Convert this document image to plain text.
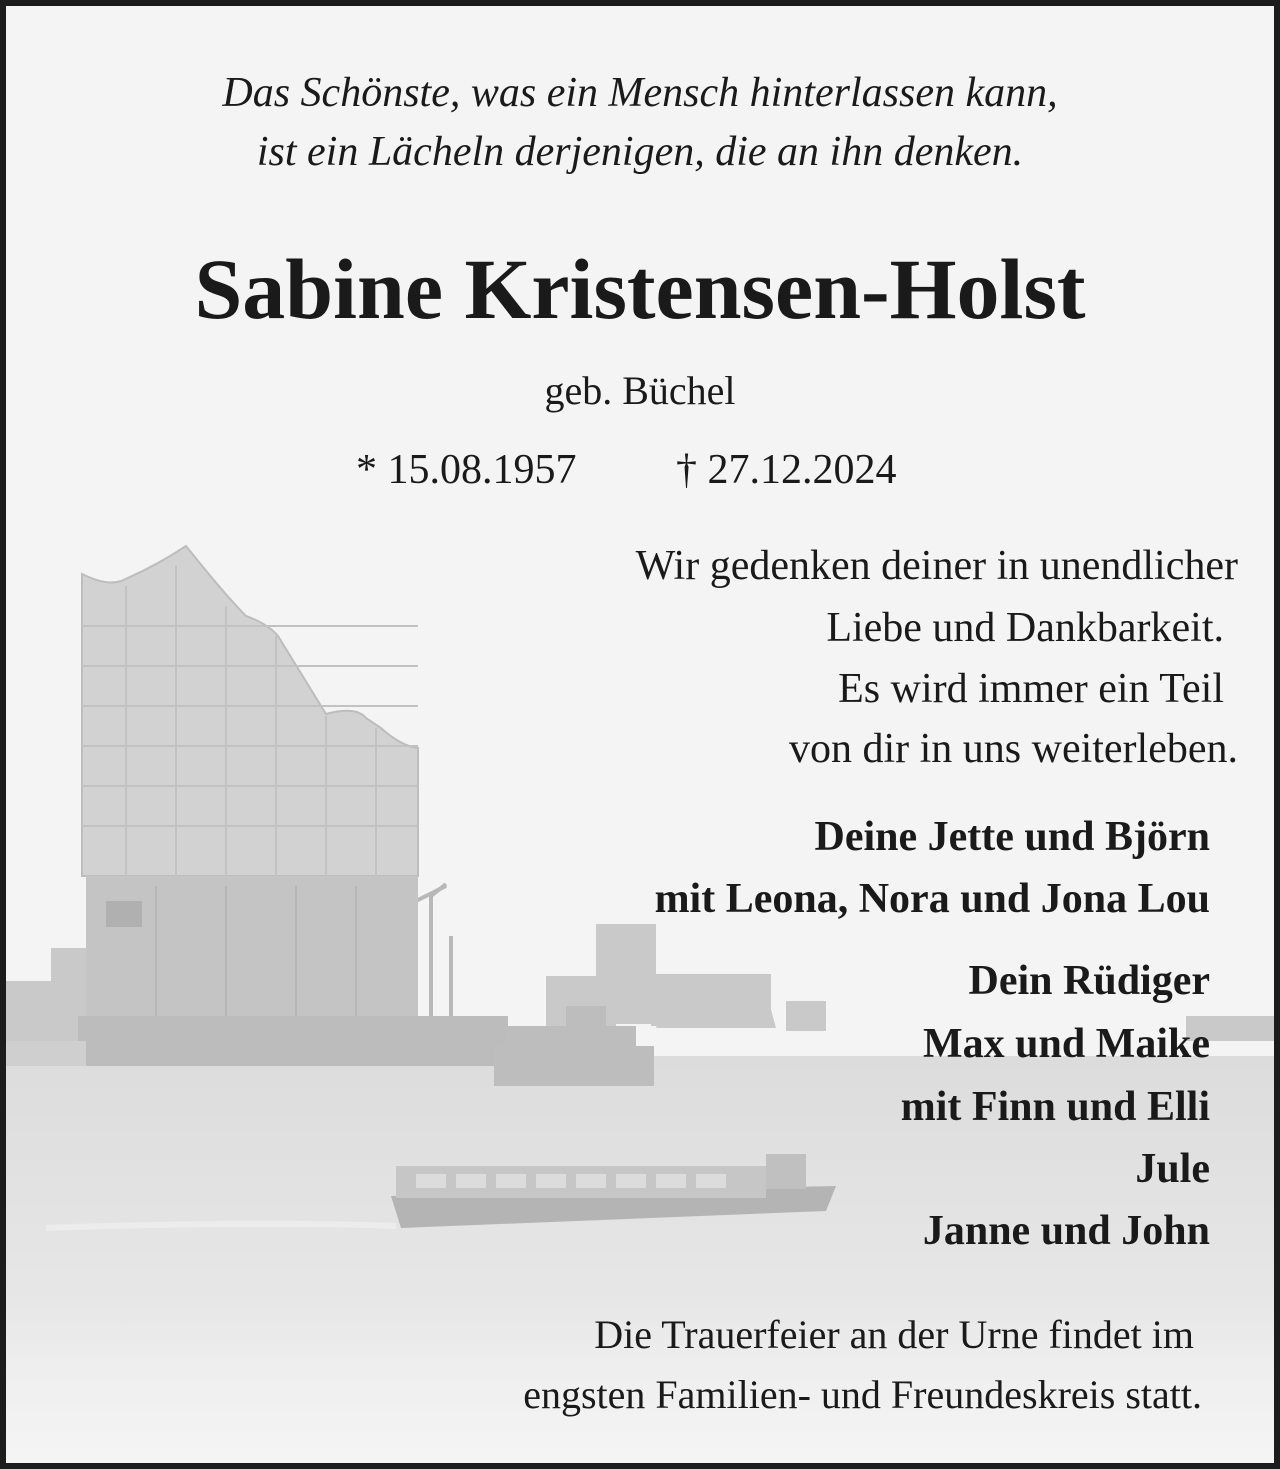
Das Schönste, was ein Mensch hinterlassen kann,

ist ein Lächeln derjenigen, die an ihn denken.

Sabine Kristensen-Holst

geb. Büchel

* 15.08.1957 † 27.12.2024

Wir gedenken deiner in unendlicher

Liebe und Dankbarkeit.

Es wird immer ein Teil

von dir in uns weiterleben.

Deine Jette und Björn

mit Leona, Nora und Jona Lou

Dein Rüdiger

Max und Maike

mit Finn und Elli

Jule

Janne und John

Die Trauerfeier an der Urne findet im

engsten Familien- und Freundeskreis statt.
